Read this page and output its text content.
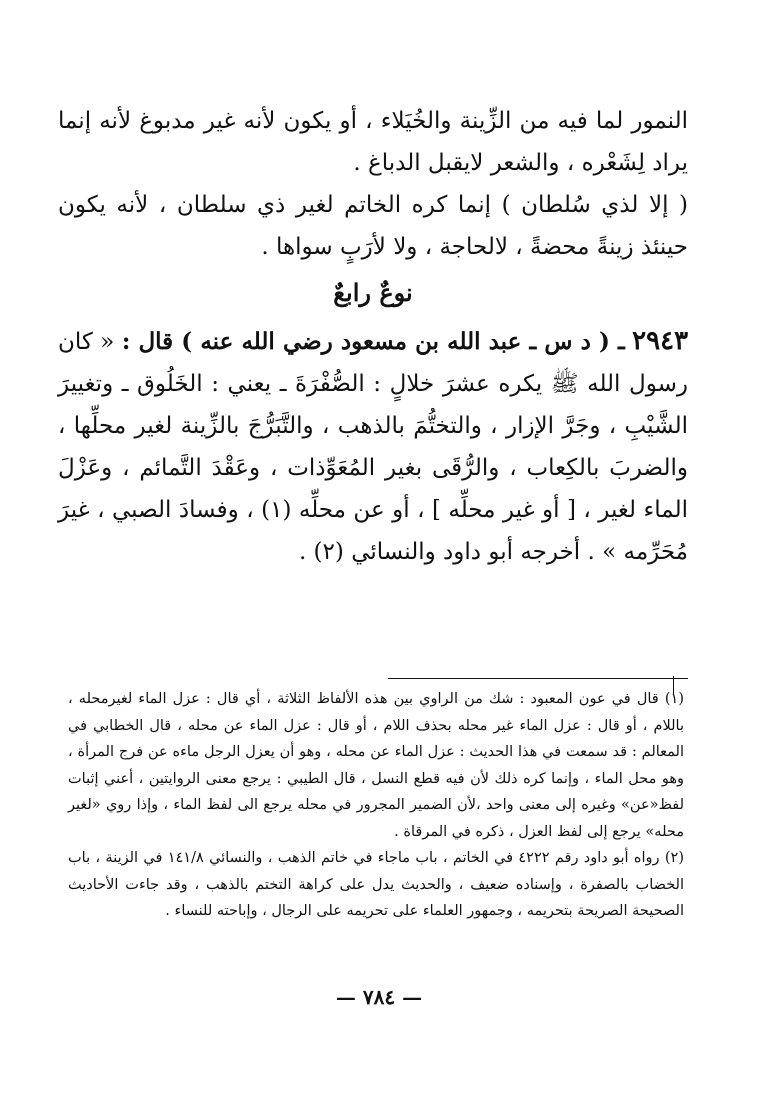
النمور لما فيه من الزِّينة والخُيَلاء ، أو يكون لأنه غير مدبوغ لأنه إنما يراد لِشَعْره ، والشعر لايقبل الدباغ .

( إلا لذي سُلطان ) إنما كره الخاتم لغير ذي سلطان ، لأنه يكون حينئذ زينةً محضةً ، لالحاجة ، ولا لأرَبٍ سواها .

نوعٌ رابعٌ

٢٩٤٣ ـ ( د س ـ عبد الله بن مسعود رضي الله عنه ) قال : « كان رسول الله ﷺ يكره عشرَ خلالٍ : الصُّفْرَةَ ـ يعني : الخَلُوق ـ وتغييرَ الشَّيْبِ ، وجَرَّ الإزار ، والتختُّمَ بالذهب ، والتَّبَرُّجَ بالزِّينة لغير محلِّها ، والضربَ بالكِعاب ، والرُّقَى بغير المُعَوِّذات ، وعَقْدَ التَّمائم ، وعَزْلَ الماء لغير ، [ أو غير محلِّه ] ، أو عن محلِّه (١) ، وفسادَ الصبي ، غيرَ مُحَرِّمه » . أخرجه أبو داود والنسائي (٢) .

(١) قال في عون المعبود : شك من الراوي بين هذه الألفاظ الثلاثة ، أي قال : عزل الماء لغيرمحله ، باللام ، أو قال : عزل الماء غير محله بحذف اللام ، أو قال : عزل الماء عن محله ، قال الخطابي في المعالم : قد سمعت في هذا الحديث : عزل الماء عن محله ، وهو أن يعزل الرجل ماءه عن فرج المرأة ، وهو محل الماء ، وإنما كره ذلك لأن فيه قطع النسل ، قال الطيبي : يرجع معنى الروايتين ، أعني إثبات لفظ«عن» وغيره إلى معنى واحد ،لأن الضمير المجرور في محله يرجع الى لفظ الماء ، وإذا روي «لغير محله» يرجع إلى لفظ العزل ، ذكره في المرقاة .

(٢) رواه أبو داود رقم ٤٢٢٢ في الخاتم ، باب ماجاء في خاتم الذهب ، والنسائي ١٤١/٨ في الزينة ، باب الخضاب بالصفرة ، وإسناده ضعيف ، والحديث يدل على كراهة التختم بالذهب ، وقد جاءت الأحاديث الصحيحة الصريحة بتحريمه ، وجمهور العلماء على تحريمه على الرجال ، وإباحته للنساء .

— ٧٨٤ —
